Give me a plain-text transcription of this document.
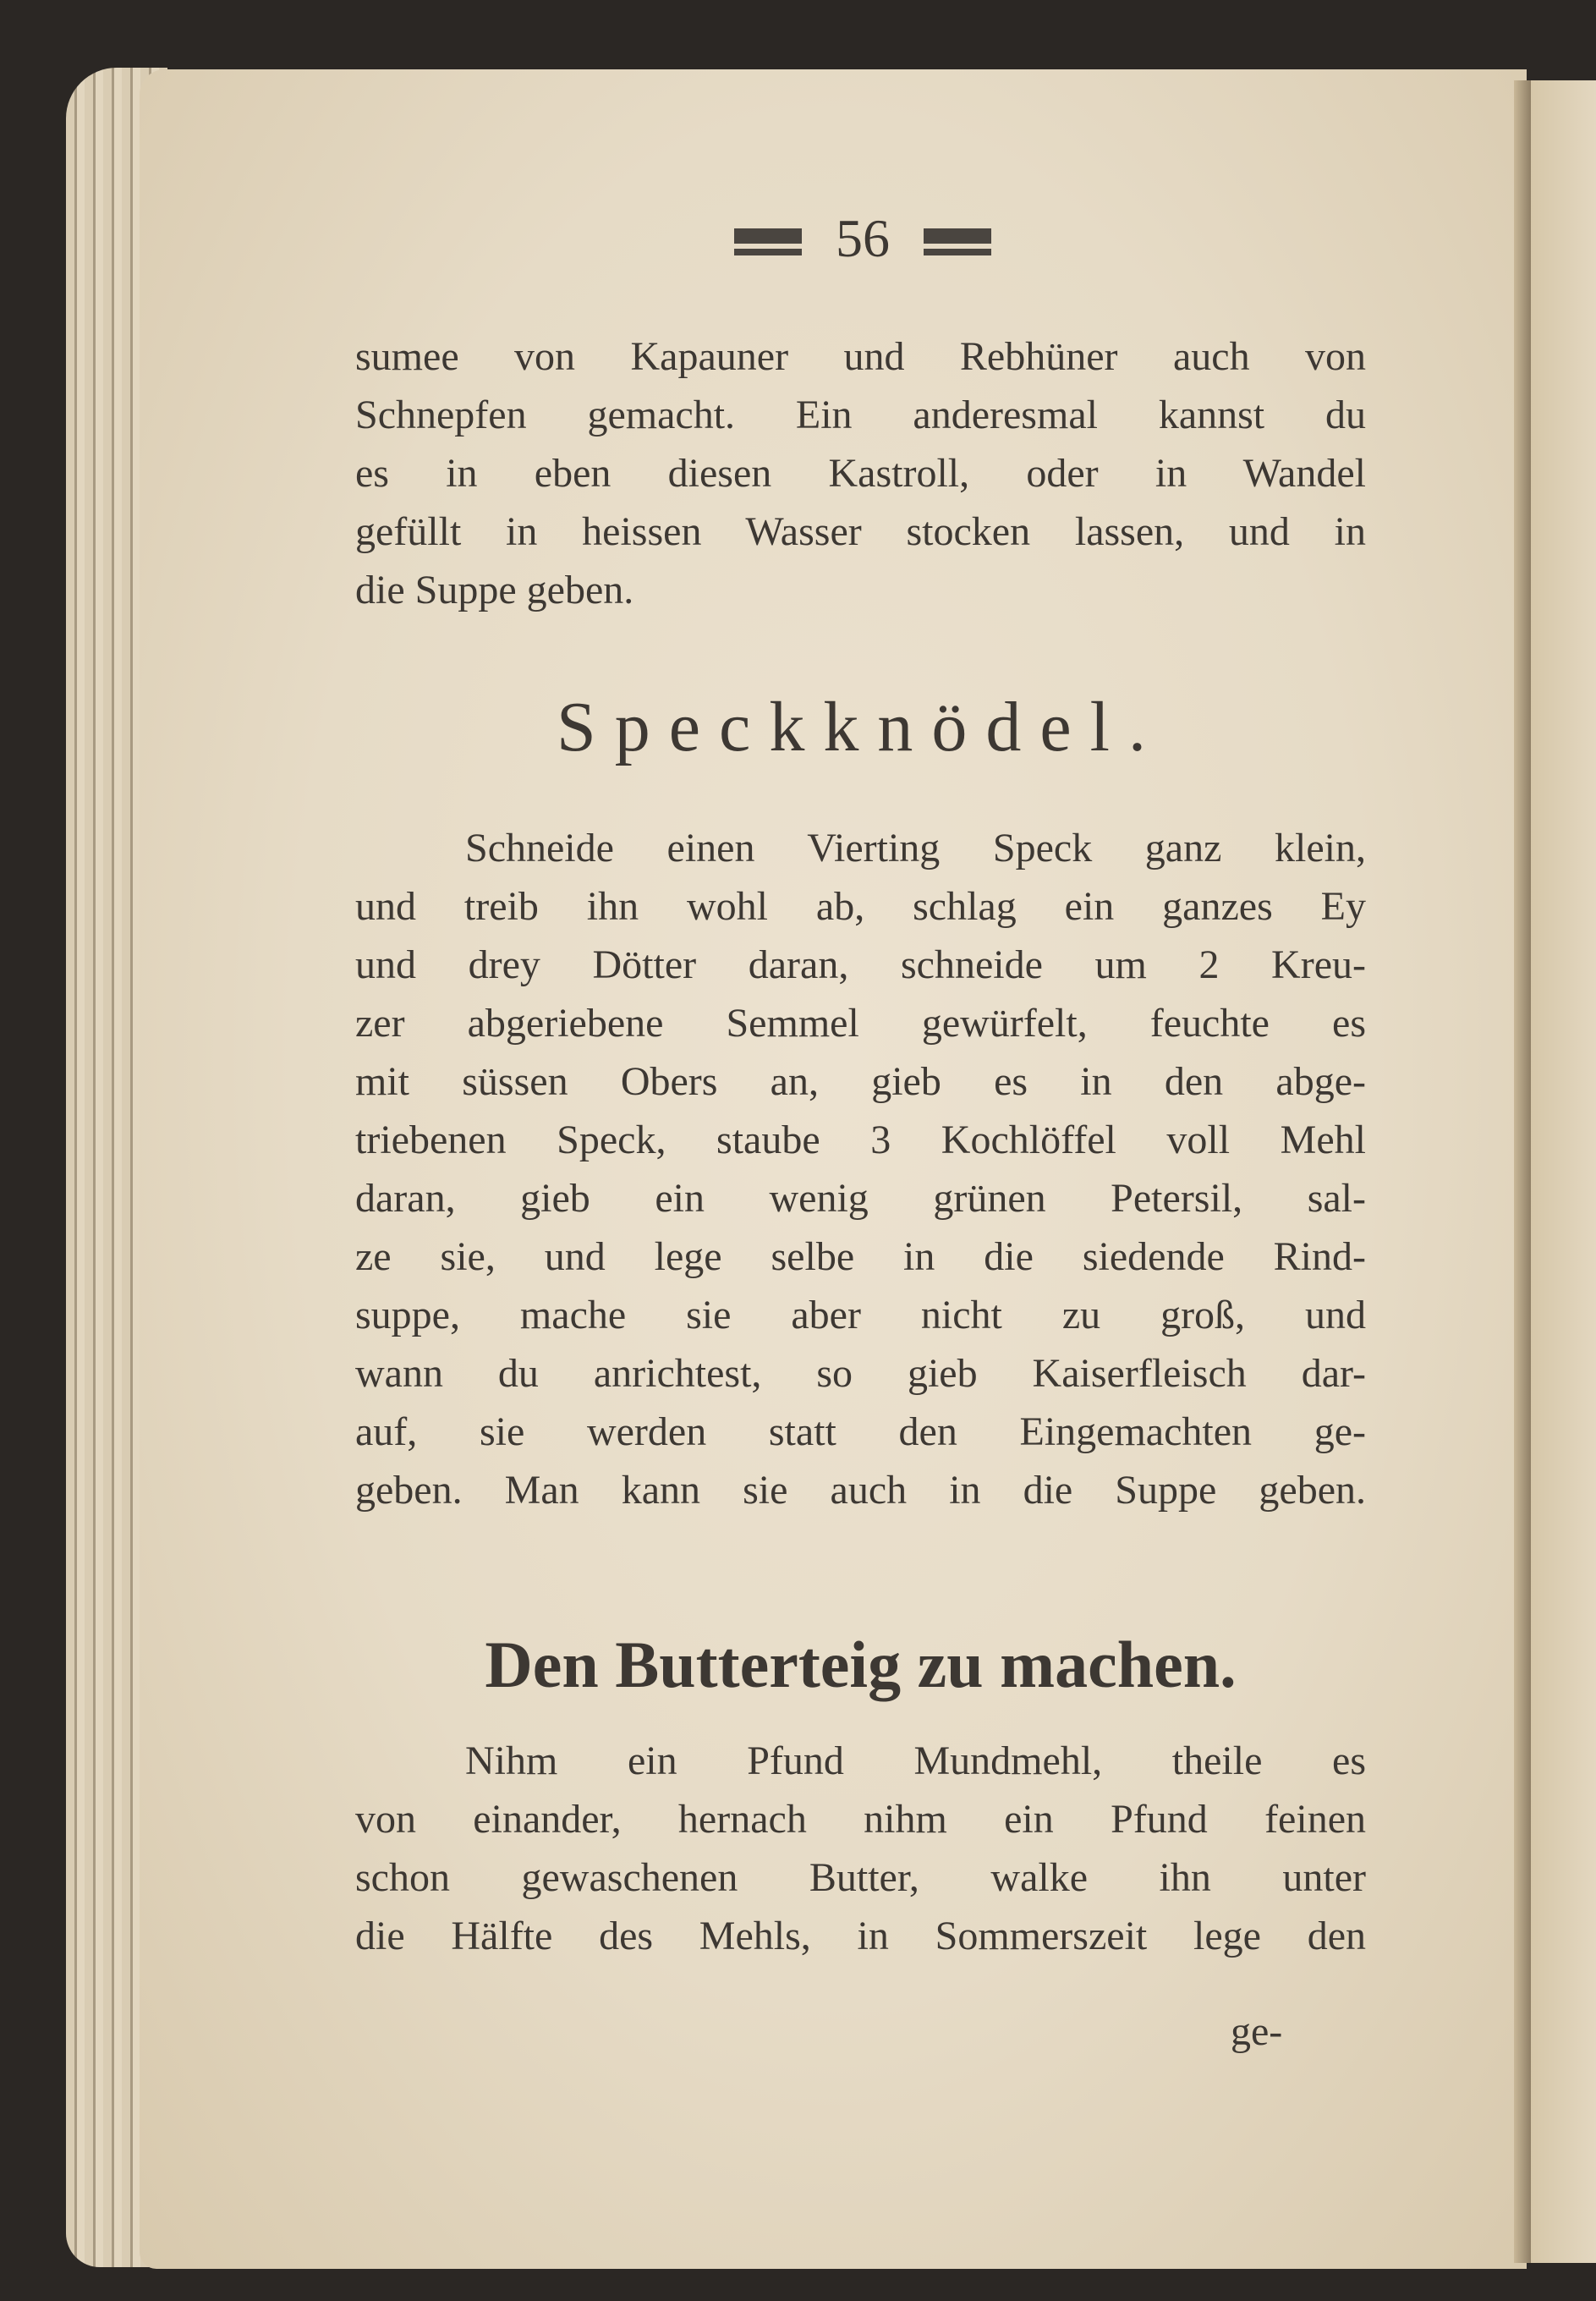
56
sumee von Kapauner und Rebhüner auch von
Schnepfen gemacht. Ein anderesmal kannst du
es in eben diesen Kastroll, oder in Wandel
gefüllt in heissen Wasser stocken lassen, und in
die Suppe geben.
Speckknödel.
Schneide einen Vierting Speck ganz klein,
und treib ihn wohl ab, schlag ein ganzes Ey
und drey Dötter daran, schneide um 2 Kreu-
zer abgeriebene Semmel gewürfelt, feuchte es
mit süssen Obers an, gieb es in den abge-
triebenen Speck, staube 3 Kochlöffel voll Mehl
daran, gieb ein wenig grünen Petersil, sal-
ze sie, und lege selbe in die siedende Rind-
suppe, mache sie aber nicht zu groß, und
wann du anrichtest, so gieb Kaiserfleisch dar-
auf, sie werden statt den Eingemachten ge-
geben. Man kann sie auch in die Suppe geben.
Den Butterteig zu machen.
Nihm ein Pfund Mundmehl, theile es
von einander, hernach nihm ein Pfund feinen
schon gewaschenen Butter, walke ihn unter
die Hälfte des Mehls, in Sommerszeit lege den
ge-
